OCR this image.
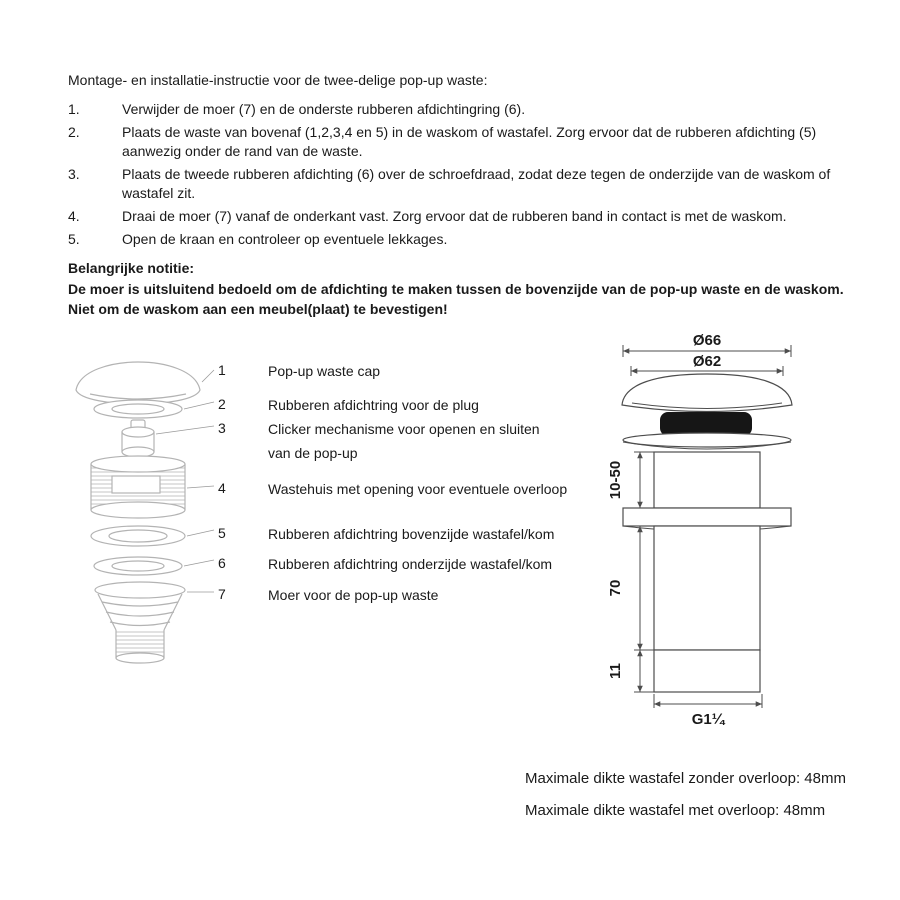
Montage- en installatie-instructie voor de twee-delige pop-up waste:
1.	Verwijder de moer (7) en de onderste rubberen afdichtingring (6).
2.	Plaats de waste van bovenaf (1,2,3,4 en 5) in de waskom of wastafel. Zorg ervoor dat de rubberen afdichting (5) aanwezig onder de rand van de waste.
3.	Plaats de tweede rubberen afdichting (6) over de schroefdraad, zodat deze tegen de onderzijde van de waskom of wastafel zit.
4.	Draai de moer (7) vanaf de onderkant vast. Zorg ervoor dat de rubberen band in contact is met de waskom.
5.	Open de kraan en controleer op eventuele lekkages.
Belangrijke notitie:
De moer is uitsluitend bedoeld om de afdichting te maken tussen de bovenzijde van de pop-up waste en de waskom.
Niet om de waskom aan een meubel(plaat) te bevestigen!
Ø66
Ø62
10-50
70
11
G1¼
1	Pop-up waste cap
2	Rubberen afdichtring voor de plug
3	Clicker mechanisme voor openen en sluiten van de pop-up
4	Wastehuis met opening voor eventuele overloop
5	Rubberen afdichtring bovenzijde wastafel/kom
6	Rubberen afdichtring onderzijde wastafel/kom
7	Moer voor de pop-up waste
Maximale dikte wastafel zonder overloop: 48mm
Maximale dikte wastafel met overloop: 48mm
